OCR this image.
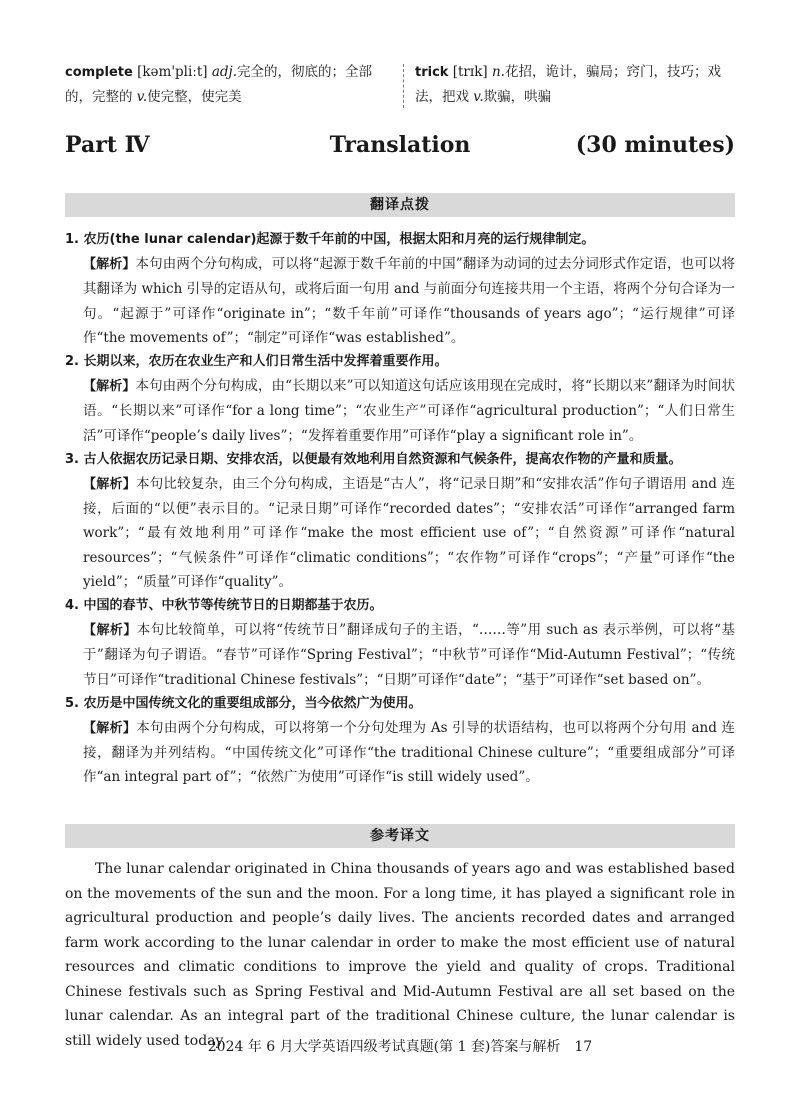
complete [kəm'pliːt] adj.完全的，彻底的；全部的，完整的 v.使完整，使完美
trick [trɪk] n.花招，诡计，骗局；窍门，技巧；戏法，把戏 v.欺骗，哄骗
Part Ⅳ	Translation	(30 minutes)
翻译点拨
1. 农历(the lunar calendar)起源于数千年前的中国，根据太阳和月亮的运行规律制定。
【解析】本句由两个分句构成，可以将“起源于数千年前的中国”翻译为动词的过去分词形式作定语，也可以将其翻译为 which 引导的定语从句，或将后面一句用 and 与前面分句连接共用一个主语，将两个分句合译为一句。“起源于”可译作“originate in”；“数千年前”可译作“thousands of years ago”；“运行规律”可译作“the movements of”；“制定”可译作“was established”。
2. 长期以来，农历在农业生产和人们日常生活中发挥着重要作用。
【解析】本句由两个分句构成，由“长期以来”可以知道这句话应该用现在完成时，将“长期以来”翻译为时间状语。“长期以来”可译作“for a long time”；“农业生产”可译作“agricultural production”；“人们日常生活”可译作“people’s daily lives”；“发挥着重要作用”可译作“play a significant role in”。
3. 古人依据农历记录日期、安排农活，以便最有效地利用自然资源和气候条件，提高农作物的产量和质量。
【解析】本句比较复杂，由三个分句构成，主语是“古人”，将“记录日期”和“安排农活”作句子谓语用 and 连接，后面的“以便”表示目的。“记录日期”可译作“recorded dates”；“安排农活”可译作“arranged farm work”；“最有效地利用”可译作“make the most efficient use of”；“自然资源”可译作“natural resources”；“气候条件”可译作“climatic conditions”；“农作物”可译作“crops”；“产量”可译作“the yield”；“质量”可译作“quality”。
4. 中国的春节、中秋节等传统节日的日期都基于农历。
【解析】本句比较简单，可以将“传统节日”翻译成句子的主语，“……等”用 such as 表示举例，可以将“基于”翻译为句子谓语。“春节”可译作“Spring Festival”；“中秋节”可译作“Mid-Autumn Festival”；“传统节日”可译作“traditional Chinese festivals”；“日期”可译作“date”；“基于”可译作“set based on”。
5. 农历是中国传统文化的重要组成部分，当今依然广为使用。
【解析】本句由两个分句构成，可以将第一个分句处理为 As 引导的状语结构，也可以将两个分句用 and 连接，翻译为并列结构。“中国传统文化”可译作“the traditional Chinese culture”；“重要组成部分”可译作“an integral part of”；“依然广为使用”可译作“is still widely used”。
参考译文
The lunar calendar originated in China thousands of years ago and was established based on the movements of the sun and the moon. For a long time, it has played a significant role in agricultural production and people’s daily lives. The ancients recorded dates and arranged farm work according to the lunar calendar in order to make the most efficient use of natural resources and climatic conditions to improve the yield and quality of crops. Traditional Chinese festivals such as Spring Festival and Mid-Autumn Festival are all set based on the lunar calendar. As an integral part of the traditional Chinese culture, the lunar calendar is still widely used today.
2024 年 6 月大学英语四级考试真题(第 1 套)答案与解析 17
